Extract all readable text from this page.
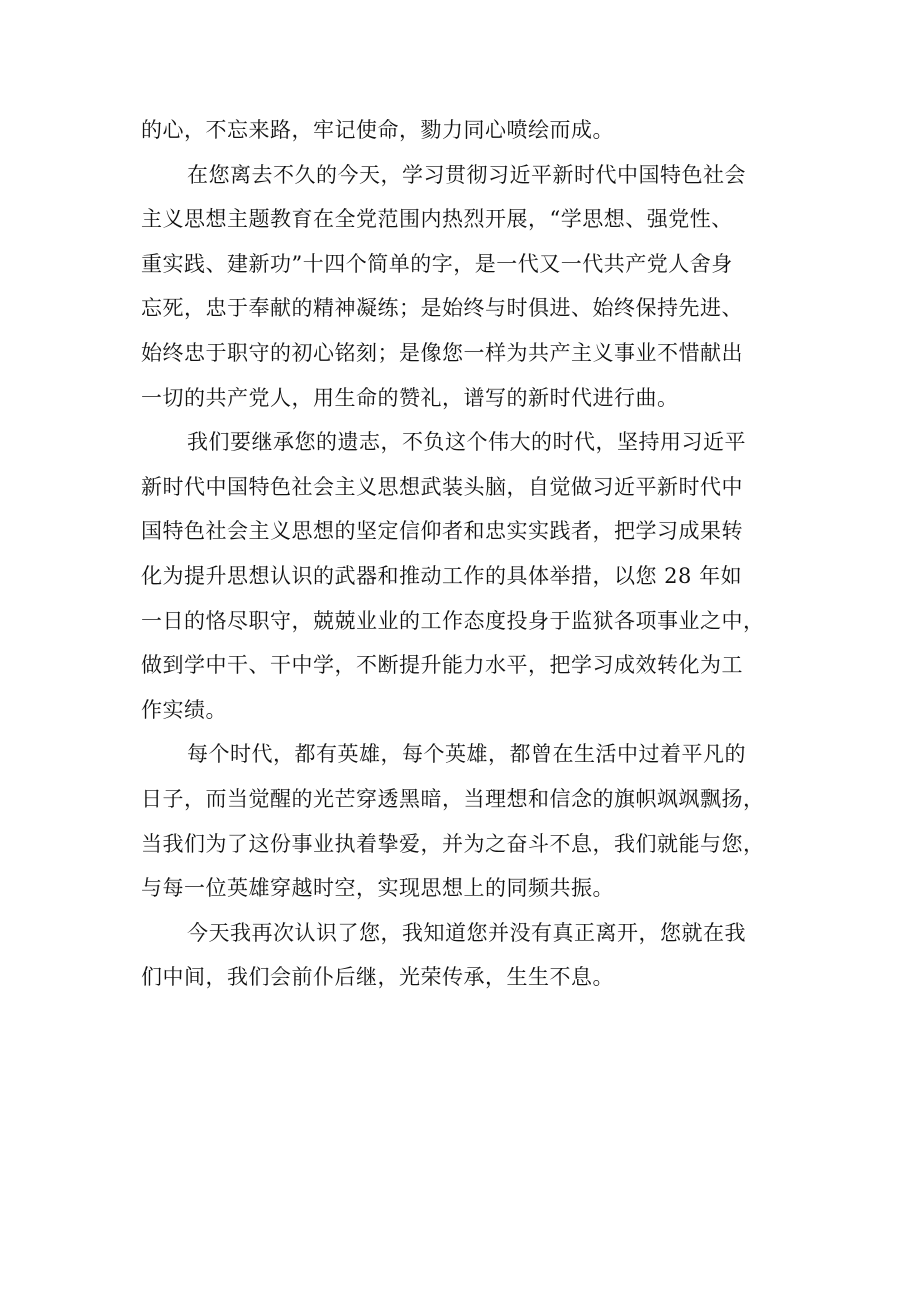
的心，不忘来路，牢记使命，勠力同心喷绘而成。
在您离去不久的今天，学习贯彻习近平新时代中国特色社会
主义思想主题教育在全党范围内热烈开展，“学思想、强党性、
重实践、建新功”十四个简单的字，是一代又一代共产党人舍身
忘死，忠于奉献的精神凝练；是始终与时俱进、始终保持先进、
始终忠于职守的初心铭刻；是像您一样为共产主义事业不惜献出
一切的共产党人，用生命的赞礼，谱写的新时代进行曲。
我们要继承您的遗志，不负这个伟大的时代，坚持用习近平
新时代中国特色社会主义思想武装头脑，自觉做习近平新时代中
国特色社会主义思想的坚定信仰者和忠实实践者，把学习成果转
化为提升思想认识的武器和推动工作的具体举措，以您 28 年如
一日的恪尽职守，兢兢业业的工作态度投身于监狱各项事业之中，
做到学中干、干中学，不断提升能力水平，把学习成效转化为工
作实绩。
每个时代，都有英雄，每个英雄，都曾在生活中过着平凡的
日子，而当觉醒的光芒穿透黑暗，当理想和信念的旗帜飒飒飘扬，
当我们为了这份事业执着挚爱，并为之奋斗不息，我们就能与您，
与每一位英雄穿越时空，实现思想上的同频共振。
今天我再次认识了您，我知道您并没有真正离开，您就在我
们中间，我们会前仆后继，光荣传承，生生不息。
